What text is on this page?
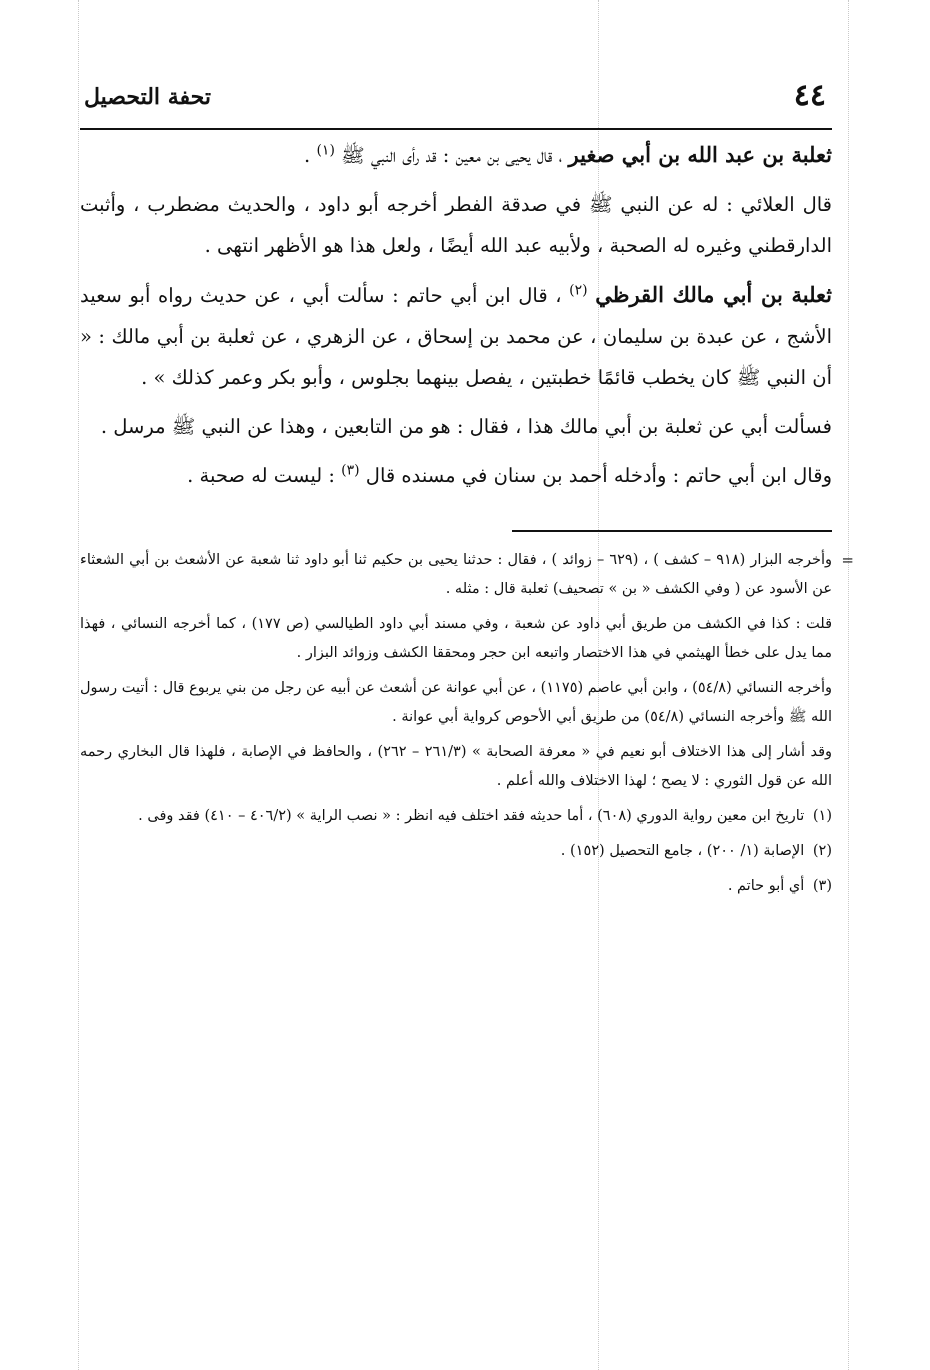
٤٤
تحفة التحصيل

ثعلبة بن عبد الله بن أبي صغير ، قال يحيى بن معين : قد رأى النبي ﷺ $^{(١)}$ .

قال العلائي : له عن النبي ﷺ في صدقة الفطر أخرجه أبو داود ، والحديث مضطرب ، وأثبت الدارقطني وغيره له الصحبة ، ولأبيه عبد الله أيضًا ، ولعل هذا هو الأظهر انتهى .

ثعلبة بن أبي مالك القرظي $^{(٢)}$ ، قال ابن أبي حاتم : سألت أبي ، عن حديث رواه أبو سعيد الأشج ، عن عبدة بن سليمان ، عن محمد بن إسحاق ، عن الزهري ، عن ثعلبة بن أبي مالك : « أن النبي ﷺ كان يخطب قائمًا خطبتين ، يفصل بينهما بجلوس ، وأبو بكر وعمر كذلك » .

فسألت أبي عن ثعلبة بن أبي مالك هذا ، فقال : هو من التابعين ، وهذا عن النبي ﷺ مرسل .

وقال ابن أبي حاتم : وأدخله أحمد بن سنان في مسنده قال $^{(٣)}$ : ليست له صحبة .

=
وأخرجه البزار (٩١٨ – كشف ) ، (٦٢٩ – زوائد ) ، فقال : حدثنا يحيى بن حكيم ثنا أبو داود ثنا شعبة عن الأشعث بن أبي الشعثاء عن الأسود عن ( وفي الكشف « بن » تصحيف) ثعلبة قال : مثله .

قلت : كذا في الكشف من طريق أبي داود عن شعبة ، وفي مسند أبي داود الطيالسي (ص ١٧٧) ، كما أخرجه النسائي ، فهذا مما يدل على خطأ الهيثمي في هذا الاختصار واتبعه ابن حجر ومحققا الكشف وزوائد البزار .

وأخرجه النسائي (٥٤/٨) ، وابن أبي عاصم (١١٧٥) ، عن أبي عوانة عن أشعث عن أبيه عن رجل من بني يربوع قال : أتيت رسول الله ﷺ وأخرجه النسائي (٥٤/٨) من طريق أبي الأحوص كرواية أبي عوانة .

وقد أشار إلى هذا الاختلاف أبو نعيم في « معرفة الصحابة » (٢٦١/٣ – ٢٦٢) ، والحافظ في الإصابة ، فلهذا قال البخاري رحمه الله عن قول الثوري : لا يصح ؛ لهذا الاختلاف والله أعلم .

(١) تاريخ ابن معين رواية الدوري (٦٠٨) ، أما حديثه فقد اختلف فيه انظر : « نصب الراية » (٤٠٦/٢ – ٤١٠) فقد وفى .

(٢) الإصابة (١/ ٢٠٠) ، جامع التحصيل (١٥٢) .

(٣) أي أبو حاتم .
